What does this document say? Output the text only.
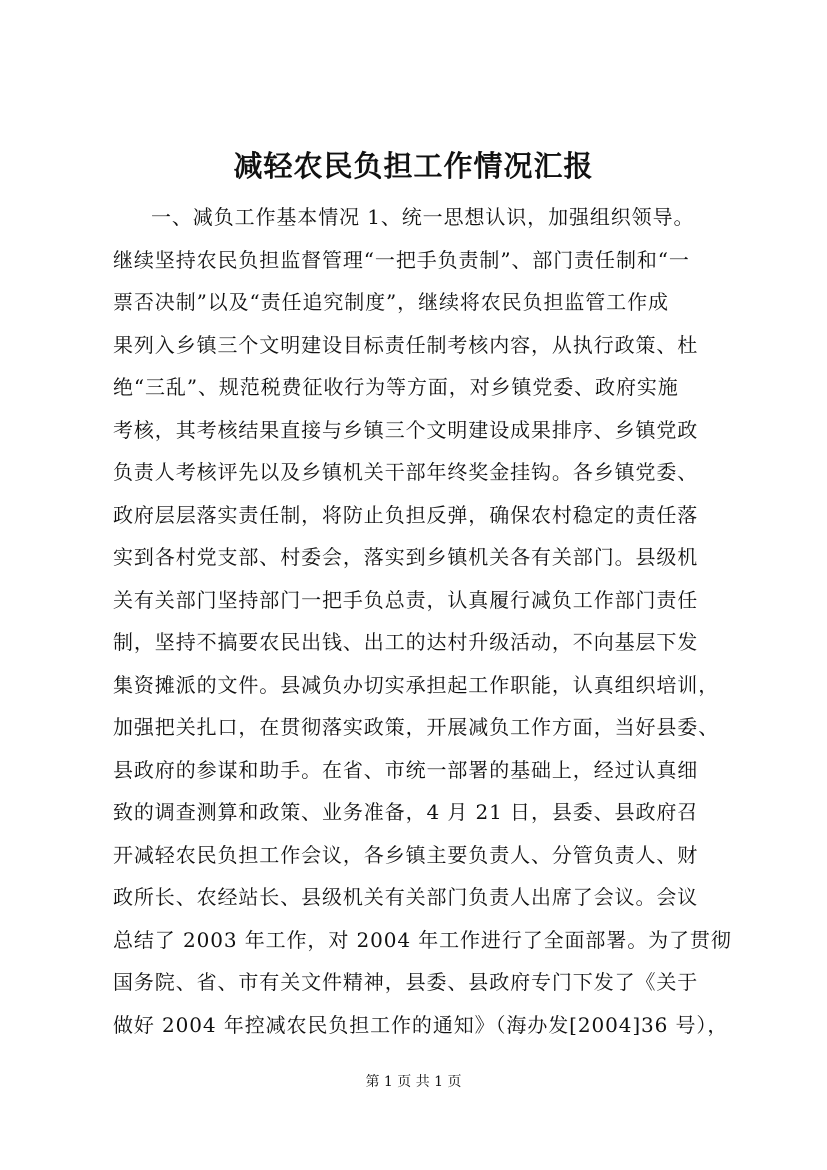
减轻农民负担工作情况汇报
一、减负工作基本情况 1、统一思想认识，加强组织领导。
继续坚持农民负担监督管理“一把手负责制”、部门责任制和“一
票否决制”以及“责任追究制度”，继续将农民负担监管工作成
果列入乡镇三个文明建设目标责任制考核内容，从执行政策、杜
绝“三乱”、规范税费征收行为等方面，对乡镇党委、政府实施
考核，其考核结果直接与乡镇三个文明建设成果排序、乡镇党政
负责人考核评先以及乡镇机关干部年终奖金挂钩。各乡镇党委、
政府层层落实责任制，将防止负担反弹，确保农村稳定的责任落
实到各村党支部、村委会，落实到乡镇机关各有关部门。县级机
关有关部门坚持部门一把手负总责，认真履行减负工作部门责任
制，坚持不搞要农民出钱、出工的达村升级活动，不向基层下发
集资摊派的文件。县减负办切实承担起工作职能，认真组织培训，
加强把关扎口，在贯彻落实政策，开展减负工作方面，当好县委、
县政府的参谋和助手。在省、市统一部署的基础上，经过认真细
致的调查测算和政策、业务准备，4 月 21 日，县委、县政府召
开减轻农民负担工作会议，各乡镇主要负责人、分管负责人、财
政所长、农经站长、县级机关有关部门负责人出席了会议。会议
总结了 2003 年工作，对 2004 年工作进行了全面部署。为了贯彻
国务院、省、市有关文件精神，县委、县政府专门下发了《关于
做好 2004 年控减农民负担工作的通知》（海办发[2004]36 号），
第 1 页 共 1 页
